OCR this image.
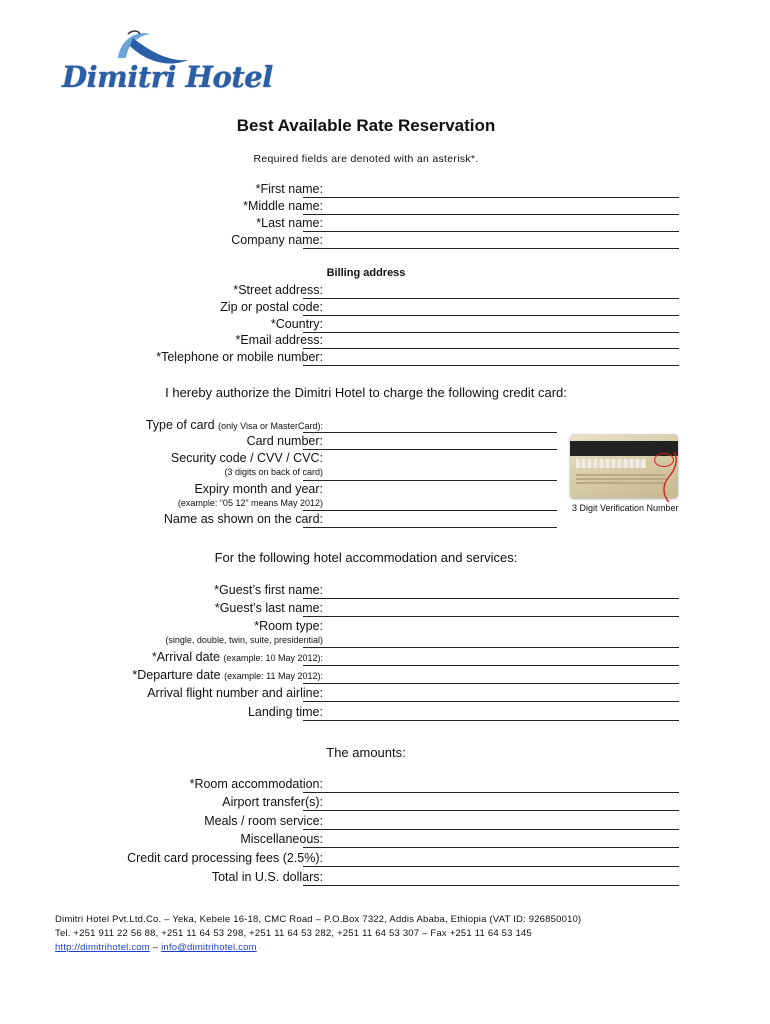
Dimitri Hotel
Best Available Rate Reservation
Required fields are denoted with an asterisk*.
*First name:
*Middle name:
*Last name:
Company name:
Billing address
*Street address:
Zip or postal code:
*Country:
*Email address:
*Telephone or mobile number:
I hereby authorize the Dimitri Hotel to charge the following credit card:
Type of card (only Visa or MasterCard):
Card number:
Security code / CVV / CVC:
(3 digits on back of card)
Expiry month and year:
(example: “05 12” means May 2012)
Name as shown on the card:
3 Digit Verification Number
For the following hotel accommodation and services:
*Guest’s first name:
*Guest’s last name:
*Room type:
(single, double, twin, suite, presidential)
*Arrival date (example: 10 May 2012):
*Departure date (example: 11 May 2012):
Arrival flight number and airline:
Landing time:
The amounts:
*Room accommodation:
Airport transfer(s):
Meals / room service:
Miscellaneous:
Credit card processing fees (2.5%):
Total in U.S. dollars:
Dimitri Hotel Pvt.Ltd.Co. – Yeka, Kebele 16-18, CMC Road – P.O.Box 7322, Addis Ababa, Ethiopia (VAT ID: 926850010)
Tel. +251 911 22 56 88, +251 11 64 53 298, +251 11 64 53 282, +251 11 64 53 307 – Fax +251 11 64 53 145
http://dimitrihotel.com – info@dimitrihotel.com
